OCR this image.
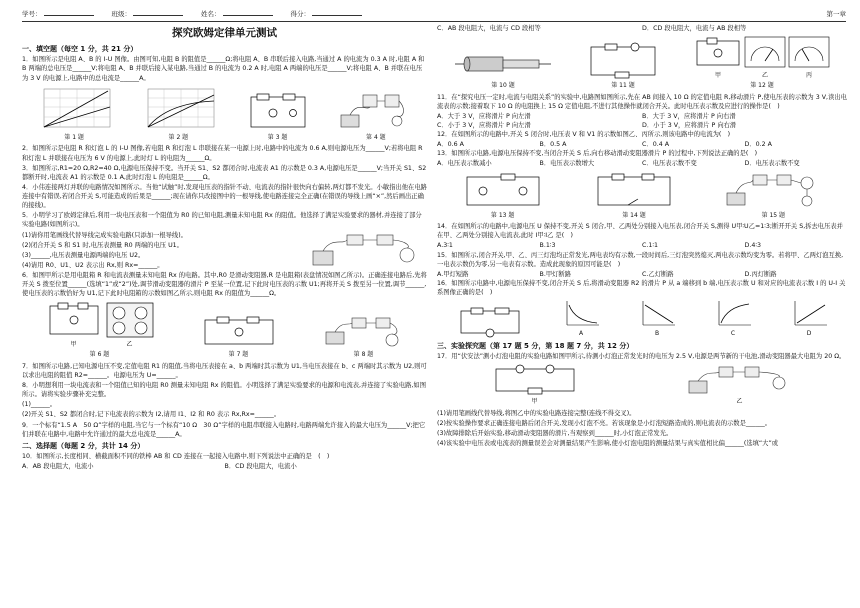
学号：	班级：	姓名：	得分：	第一章
探究欧姆定律单元测试
一、填空题（每空 1 分，共 21 分）

1．如图所示是电阻 A、B 的 I-U 图像。由图可知,电阻 B 的阻值是______Ω;将电阻 A、B 串联后接入电路,当通过 A 的电流为 0.3 A 时,电阻 A 和 B 两端的总电压是______V;将电阻 A、B 并联后接入某电路,当通过 B 的电流为 0.2 A 时,电阻 A 两端的电压是______V;将电阻 A、B 并联在电压为 3 V 的电源上,电路中的总电流是______A。

第 1 题	第 2 题	第 3 题	第 4 题

2．如图所示是电阻 R 和灯泡 L 的 I-U 图像,若电阻 R 和灯泡 L 串联接在某一电源上时,电路中的电流为 0.6 A,则电源电压为______V;若将电阻 R 和灯泡 L 并联接在电压为 6 V 的电源上,此时灯 L 的电阻为______Ω。

3．如图所示,R1=20 Ω,R2=40 Ω,电源电压保持不变。当开关 S1、S2 都闭合时,电流表 A1 的示数是 0.3 A,电源电压是______V;当开关 S1、S2 都断开时,电流表 A1 的示数是 0.1 A,此时灯泡 L 的电阻是______Ω。

4．小伟连接两灯并联的电路情况如图所示。当他“试触”时,发现电压表的指针不动、电流表的指针很快向右偏转,两灯都不发光。小敏指出他在电路连接中有错误,若闭合开关 S,可能造成的后果是______;现在请你只改接图中的一根导线,使电路连接完全正确(在错误的导线上画“×”,然后画出正确的接线)。

5．小明学习了欧姆定律后,利用一块电压表和一个阻值为 R0 的已知电阻,测量未知电阻 Rx 的阻值。他选择了满足实验要求的器材,并连接了部分实验电路(如图所示)。

(1)请你用笔画线代替导线完成实验电路(只添加一根导线)。

(2)闭合开关 S 和 S1 时,电压表测量 R0 两端的电压 U1。

(3)______,电压表测量电源两端的电压 U2。

(4)请用 R0、U1、U2 表示出 Rx,则 Rx=______。

6．如图甲所示是用电阻箱 R 和电流表测量未知电阻 Rx 的电路。其中,R0 是滑动变阻器,R 是电阻箱(表盘情况如图乙所示)。正确连接电路后,先将开关 S 拨至位置______(选填“1”或“2”)处,调节滑动变阻器的滑片 P 至某一位置,记下此时电压表的示数 U1;再将开关 S 拨至另一位置,调节______,使电压表的示数恰好为 U1,记下此时电阻箱的示数如图乙所示,则电阻 Rx 的阻值为______Ω。

甲	乙
第 6 题	第 7 题	第 8 题

7．如图所示电路,已知电源电压不变,定值电阻 R1 的阻值,当将电压表接在 a、b 两端时其示数为 U1,当电压表接在 b、c 两端时其示数为 U2,则可以求出电阻的阻值 R2=______。电源电压为 U=______。

8．小明想利用一块电流表和一个阻值已知的电阻 R0 测量未知电阻 Rx 的阻值。小明选择了满足实验要求的电源和电流表,并连接了实验电路,如图所示。请将实验步骤补充完整。

(1)______。

(2)开关 S1、S2 都闭合时,记下电流表的示数为 I2,请用 I1、I2 和 R0 表示 Rx,Rx=______。

9．一个标有“1.5 A　50 Ω”字样的电阻,当它与一个标有“10 Ω　30 Ω”字样的电阻串联接入电路时,电路两端允许接入的最大电压为______V;把它们并联在电路中,电路中允许通过的最大总电流是______A。

二、选择题（每题 2 分，共计 14 分）

10．如图所示,长度相同、横截面积不同的铁棒 AB 和 CD 连接在一起接入电路中,则下列说法中正确的是　(　)

A．AB 段电阻大，电流小	B．CD 段电阻大，电流小
C．AB 段电阻大，电流与 CD 段相等	D．CD 段电阻大，电流与 AB 段相等
第 10 题	第 11 题
甲	乙	丙
第 12 题

11．在“探究电压一定时,电流与电阻关系”的实验中,电路图如图所示,先在 AB 间接入 10 Ω 的定值电阻 R,移动滑片 P,使电压表的示数为 3 V,读出电流表的示数;接着取下 10 Ω 的电阻换上 15 Ω 定值电阻,不进行其他操作就闭合开关。此时电压表示数及应进行的操作是(　)

A．大于 3 V，应将滑片 P 向左滑	B．大于 3 V，应将滑片 P 向右滑
C．小于 3 V，应将滑片 P 向左滑	D．小于 3 V，应将滑片 P 向右滑

12．在如图所示的电路中,开关 S 闭合时,电压表 V 和 V1 的示数如图乙、丙所示,则该电路中的电流为(　)

A．0.6 A	B．0.5 A	C．0.4 A	D．0.2 A

13．如图所示电路,电源电压保持不变,当闭合开关 S 后,向右移动滑动变阻器滑片 P 的过程中,下列说法正确的是(　)

A．电压表示数减小	B．电压表示数增大	C．电压表示数不变	D．电压表示数不变
第 13 题	第 14 题	第 15 题

14．在如图所示的电路中,电源电压 U 保持不变,开关 S 闭合,甲、乙两处分别接入电压表,闭合开关 S,测得 U甲∶U乙=1∶3;断开开关 S,拆去电压表并在甲、乙两处分别接入电流表,此时 I甲∶I乙 是(　)

A.3∶1	B.1∶3	C.1∶1	D.4∶3

15．如图所示,闭合开关,甲、乙、丙三灯泡均正常发光,两电表均有示数,一段时间后,三灯泡突然熄灭,两电表示数均变为零。若将甲、乙两灯泡互换,一电表示数仍为零,另一电表有示数。造成此现象的原因可能是(　)

A.甲灯短路	B.甲灯断路	C.乙灯断路	D.丙灯断路

16．如图所示电路中,电源电压保持不变,闭合开关 S 后,将滑动变阻器 R2 的滑片 P 从 a 端移到 b 端,电压表示数 U 和对应的电流表示数 I 的 U-I 关系图像正确的是(　)

A	B	C	D
三、实验探究题（第 17 题 5 分，第 18 题 7 分，共 12 分）

17．用“伏安法”测小灯泡电阻的实验电路如图甲所示,待测小灯泡正常发光时的电压为 2.5 V,电源是两节新的干电池,滑动变阻器最大电阻为 20 Ω。

甲	乙

(1)请用笔画线代替导线,将图乙中的实验电路连接完整(连线不得交叉)。

(2)按实验操作要求正确连接电路后闭合开关,发现小灯泡不亮。若该现象是小灯泡短路造成的,则电流表的示数是______。

(3)故障排除后开始实验,移动滑动变阻器的滑片,当观察到______时,小灯泡正常发光。

(4)该实验中电压表或电流表的测量误差会对测量结果产生影响,使小灯泡电阻的测量结果与真实值相比偏______(选填“大”或
